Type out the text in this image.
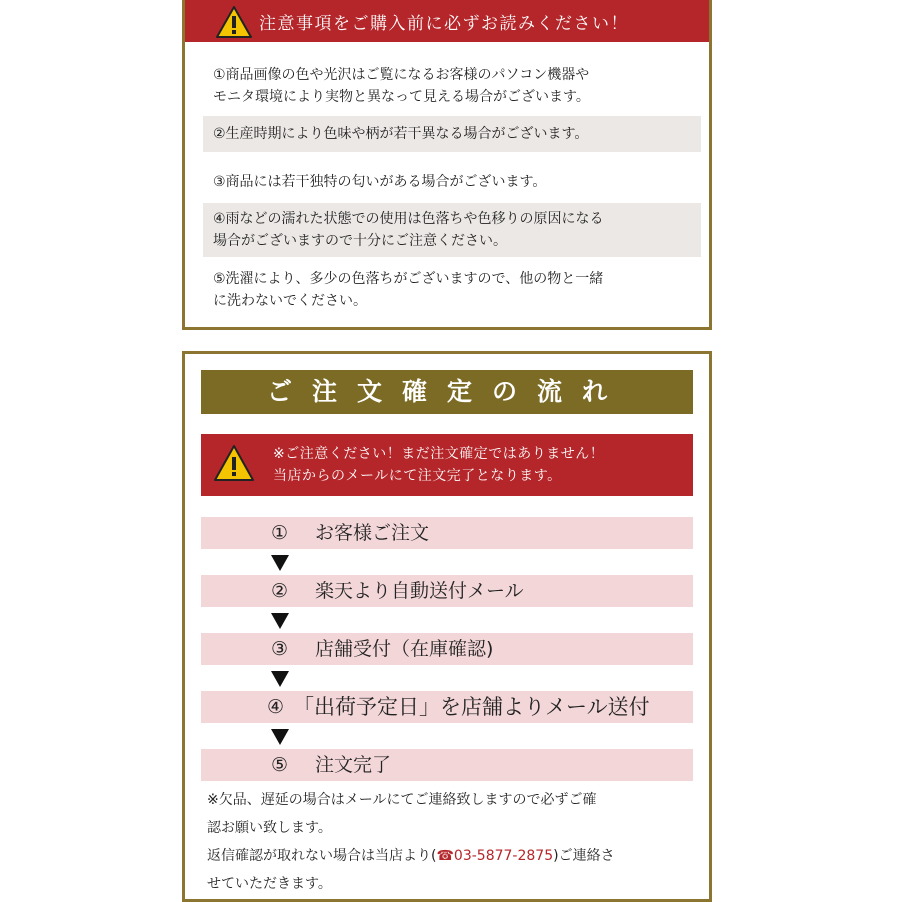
注意事項をご購入前に必ずお読みください！
①商品画像の色や光沢はご覧になるお客様のパソコン機器や
モニタ環境により実物と異なって見える場合がございます。
②生産時期により色味や柄が若干異なる場合がございます。
③商品には若干独特の匂いがある場合がございます。
④雨などの濡れた状態での使用は色落ちや色移りの原因になる
場合がございますので十分にご注意ください。
⑤洗濯により、多少の色落ちがございますので、他の物と一緒
に洗わないでください。
ご注文確定の流れ
※ご注意ください！まだ注文確定ではありません！
当店からのメールにて注文完了となります。
① お客様ご注文
② 楽天より自動送付メール
③ 店舗受付（在庫確認)
④ 「出荷予定日」を店舗よりメール送付
⑤ 注文完了
※欠品、遅延の場合はメールにてご連絡致しますので必ずご確
認お願い致します。
返信確認が取れない場合は当店より(☎03-5877-2875)ご連絡さ
せていただきます。
